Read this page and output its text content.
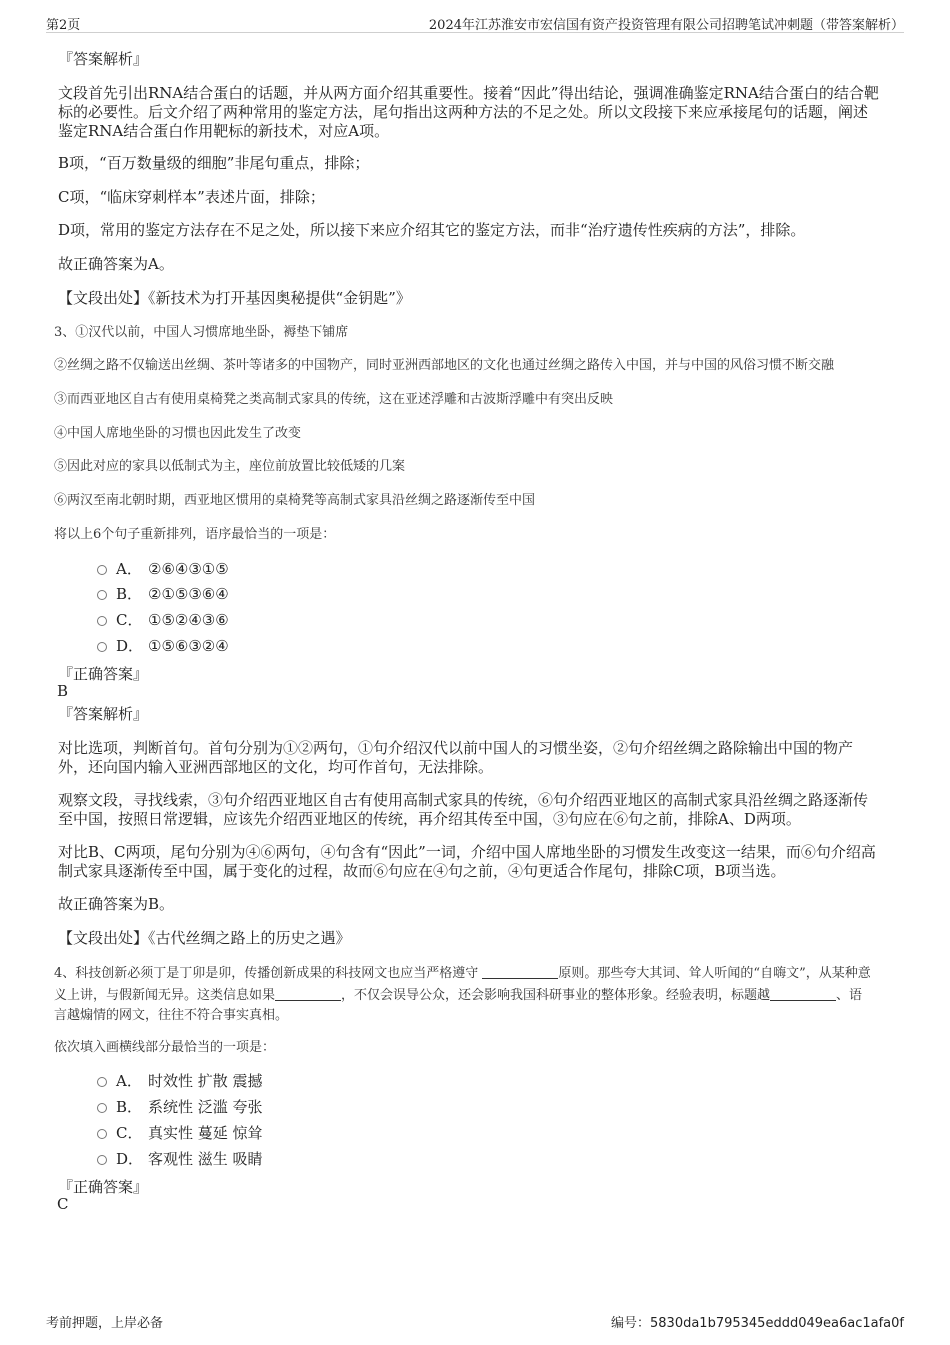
第2页	2024年江苏淮安市宏信国有资产投资管理有限公司招聘笔试冲刺题（带答案解析）
『答案解析』
文段首先引出RNA结合蛋白的话题，并从两方面介绍其重要性。接着“因此”得出结论，强调准确鉴定RNA结合蛋白的结合靶
标的必要性。后文介绍了两种常用的鉴定方法，尾句指出这两种方法的不足之处。所以文段接下来应承接尾句的话题，阐述
鉴定RNA结合蛋白作用靶标的新技术，对应A项。
B项，“百万数量级的细胞”非尾句重点，排除；
C项，“临床穿刺样本”表述片面，排除；
D项，常用的鉴定方法存在不足之处，所以接下来应介绍其它的鉴定方法，而非“治疗遗传性疾病的方法”，排除。
故正确答案为A。
【文段出处】《新技术为打开基因奥秘提供“金钥匙”》
3、①汉代以前，中国人习惯席地坐卧，褥垫下铺席
②丝绸之路不仅输送出丝绸、茶叶等诸多的中国物产，同时亚洲西部地区的文化也通过丝绸之路传入中国，并与中国的风俗习惯不断交融
③而西亚地区自古有使用桌椅凳之类高制式家具的传统，这在亚述浮雕和古波斯浮雕中有突出反映
④中国人席地坐卧的习惯也因此发生了改变
⑤因此对应的家具以低制式为主，座位前放置比较低矮的几案
⑥两汉至南北朝时期，西亚地区惯用的桌椅凳等高制式家具沿丝绸之路逐渐传至中国
将以上6个句子重新排列，语序最恰当的一项是：
A． ②⑥④③①⑤
B． ②①⑤③⑥④
C． ①⑤②④③⑥
D． ①⑤⑥③②④
『正确答案』
B
『答案解析』
对比选项，判断首句。首句分别为①②两句，①句介绍汉代以前中国人的习惯坐姿，②句介绍丝绸之路除输出中国的物产
外，还向国内输入亚洲西部地区的文化，均可作首句，无法排除。
观察文段，寻找线索，③句介绍西亚地区自古有使用高制式家具的传统，⑥句介绍西亚地区的高制式家具沿丝绸之路逐渐传
至中国，按照日常逻辑，应该先介绍西亚地区的传统，再介绍其传至中国，③句应在⑥句之前，排除A、D两项。
对比B、C两项，尾句分别为④⑥两句，④句含有“因此”一词，介绍中国人席地坐卧的习惯发生改变这一结果，而⑥句介绍高
制式家具逐渐传至中国，属于变化的过程，故而⑥句应在④句之前，④句更适合作尾句，排除C项，B项当选。
故正确答案为B。
【文段出处】《古代丝绸之路上的历史之遇》
4、科技创新必须丁是丁卯是卯，传播创新成果的科技网文也应当严格遵守	原则。那些夸大其词、耸人听闻的“自嗨文”，从某种意
义上讲，与假新闻无异。这类信息如果	，不仅会误导公众，还会影响我国科研事业的整体形象。经验表明，标题越	、语
言越煽情的网文，往往不符合事实真相。
依次填入画横线部分最恰当的一项是：
A． 时效性 扩散 震撼
B． 系统性 泛滥 夸张
C． 真实性 蔓延 惊耸
D． 客观性 滋生 吸睛
『正确答案』
C
考前押题，上岸必备	编号：5830da1b795345eddd049ea6ac1afa0f
